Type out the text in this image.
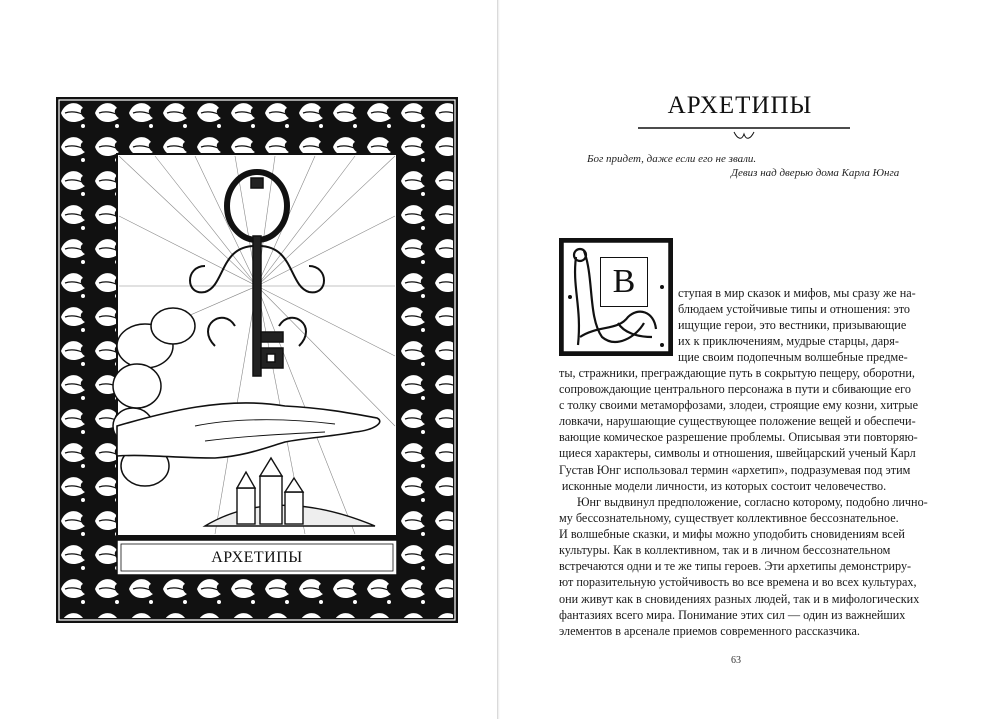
АРХЕТИПЫ
АРХЕТИПЫ
Бог придет, даже если его не звали.
Девиз над дверью дома Карла Юнга
В	ступая в мир сказок и мифов, мы сразу же на-
блюдаем устойчивые типы и отношения: это
ищущие герои, это вестники, призывающие
их к приключениям, мудрые старцы, даря-
щие своим подопечным волшебные предме-
ты, стражники, преграждающие путь в сокрытую пещеру, оборотни,
сопровождающие центрального персонажа в пути и сбивающие его
с толку своими метаморфозами, злодеи, строящие ему козни, хитрые
ловкачи, нарушающие существующее положение вещей и обеспечи-
вающие комическое разрешение проблемы. Описывая эти повторяю-
щиеся характеры, символы и отношения, швейцарский ученый Карл
Густав Юнг использовал термин «архетип», подразумевая под этим
исконные модели личности, из которых состоит человечество.
Юнг выдвинул предположение, согласно которому, подобно лично-
му бессознательному, существует коллективное бессознательное.
И волшебные сказки, и мифы можно уподобить сновидениям всей
культуры. Как в коллективном, так и в личном бессознательном
встречаются одни и те же типы героев. Эти архетипы демонстриру-
ют поразительную устойчивость во все времена и во всех культурах,
они живут как в сновидениях разных людей, так и в мифологических
фантазиях всего мира. Понимание этих сил — один из важнейших
элементов в арсенале приемов современного рассказчика.
63
